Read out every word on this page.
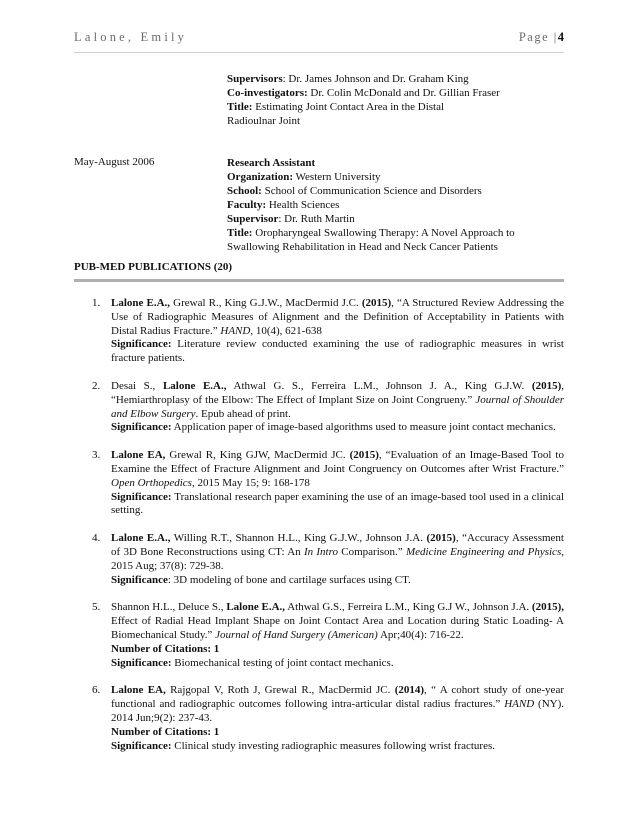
Lalone, Emily	Page |4
Supervisors: Dr. James Johnson and Dr. Graham King
Co-investigators: Dr. Colin McDonald and Dr. Gillian Fraser
Title: Estimating Joint Contact Area in the Distal
Radioulnar Joint
May-August 2006	Research Assistant
Organization: Western University
School: School of Communication Science and Disorders
Faculty: Health Sciences
Supervisor: Dr. Ruth Martin
Title: Oropharyngeal Swallowing Therapy: A Novel Approach to
Swallowing Rehabilitation in Head and Neck Cancer Patients
PUB-MED PUBLICATIONS (20)
1. Lalone E.A., Grewal R., King G.J.W., MacDermid J.C. (2015), “A Structured Review Addressing the Use of Radiographic Measures of Alignment and the Definition of Acceptability in Patients with Distal Radius Fracture.” HAND, 10(4), 621-638
Significance: Literature review conducted examining the use of radiographic measures in wrist fracture patients.
2. Desai S., Lalone E.A., Athwal G. S., Ferreira L.M., Johnson J. A., King G.J.W. (2015), “Hemiarthroplasy of the Elbow: The Effect of Implant Size on Joint Congrueny.” Journal of Shoulder and Elbow Surgery. Epub ahead of print.
Significance: Application paper of image-based algorithms used to measure joint contact mechanics.
3. Lalone EA, Grewal R, King GJW, MacDermid JC. (2015), “Evaluation of an Image-Based Tool to Examine the Effect of Fracture Alignment and Joint Congruency on Outcomes after Wrist Fracture.” Open Orthopedics, 2015 May 15; 9: 168-178
Significance: Translational research paper examining the use of an image-based tool used in a clinical setting.
4. Lalone E.A., Willing R.T., Shannon H.L., King G.J.W., Johnson J.A. (2015), “Accuracy Assessment of 3D Bone Reconstructions using CT: An In Intro Comparison.” Medicine Engineering and Physics, 2015 Aug; 37(8): 729-38.
Significance: 3D modeling of bone and cartilage surfaces using CT.
5. Shannon H.L., Deluce S., Lalone E.A., Athwal G.S., Ferreira L.M., King G.J W., Johnson J.A. (2015), Effect of Radial Head Implant Shape on Joint Contact Area and Location during Static Loading- A Biomechanical Study.” Journal of Hand Surgery (American) Apr;40(4): 716-22.
Number of Citations: 1
Significance: Biomechanical testing of joint contact mechanics.
6. Lalone EA, Rajgopal V, Roth J, Grewal R., MacDermid JC. (2014), “ A cohort study of one-year functional and radiographic outcomes following intra-articular distal radius fractures.” HAND (NY). 2014 Jun;9(2): 237-43.
Number of Citations: 1
Significance: Clinical study investing radiographic measures following wrist fractures.
